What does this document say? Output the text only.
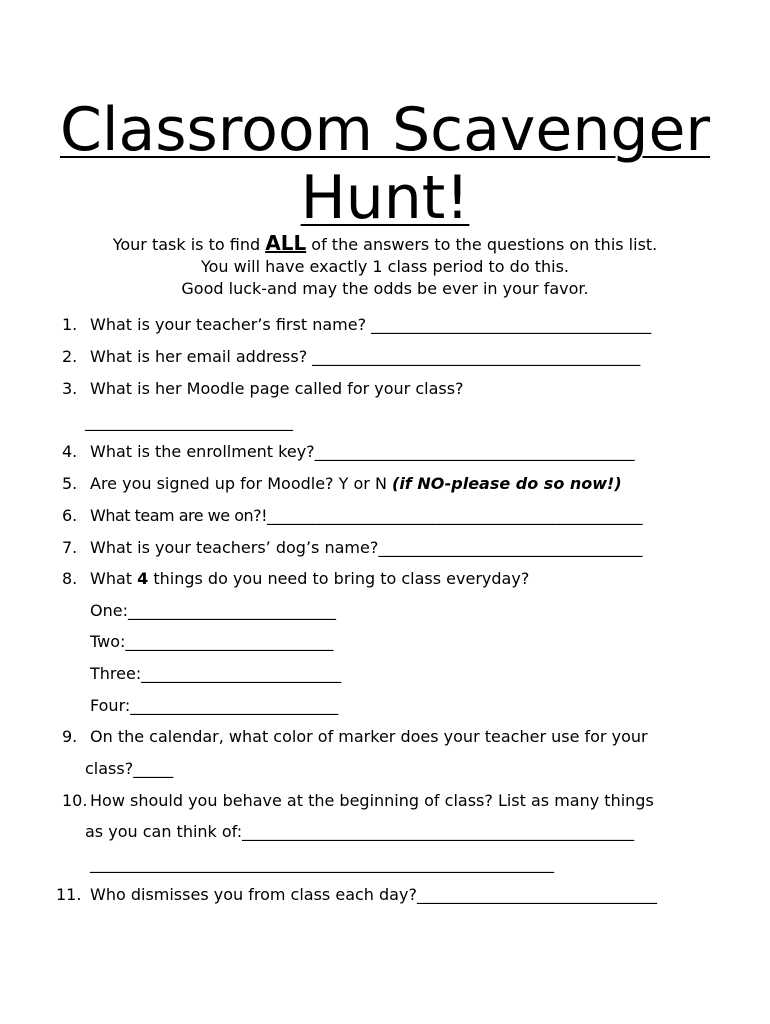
Classroom Scavenger
Hunt!
Your task is to find ALL of the answers to the questions on this list.
You will have exactly 1 class period to do this.
Good luck-and may the odds be ever in your favor.
1. What is your teacher’s first name? ___________________________________
2. What is her email address? _________________________________________
3. What is her Moodle page called for your class?
__________________________
4. What is the enrollment key?________________________________________
5. Are you signed up for Moodle? Y or N (if NO-please do so now!)
6. What team are we on?!__________________________________________________
7. What is your teachers’ dog’s name?_________________________________
8. What 4 things do you need to bring to class everyday?
One:__________________________
Two:__________________________
Three:_________________________
Four:__________________________
9. On the calendar, what color of marker does your teacher use for your
class?_____
10. How should you behave at the beginning of class? List as many things
as you can think of:_________________________________________________
__________________________________________________________
11. Who dismisses you from class each day?______________________________
